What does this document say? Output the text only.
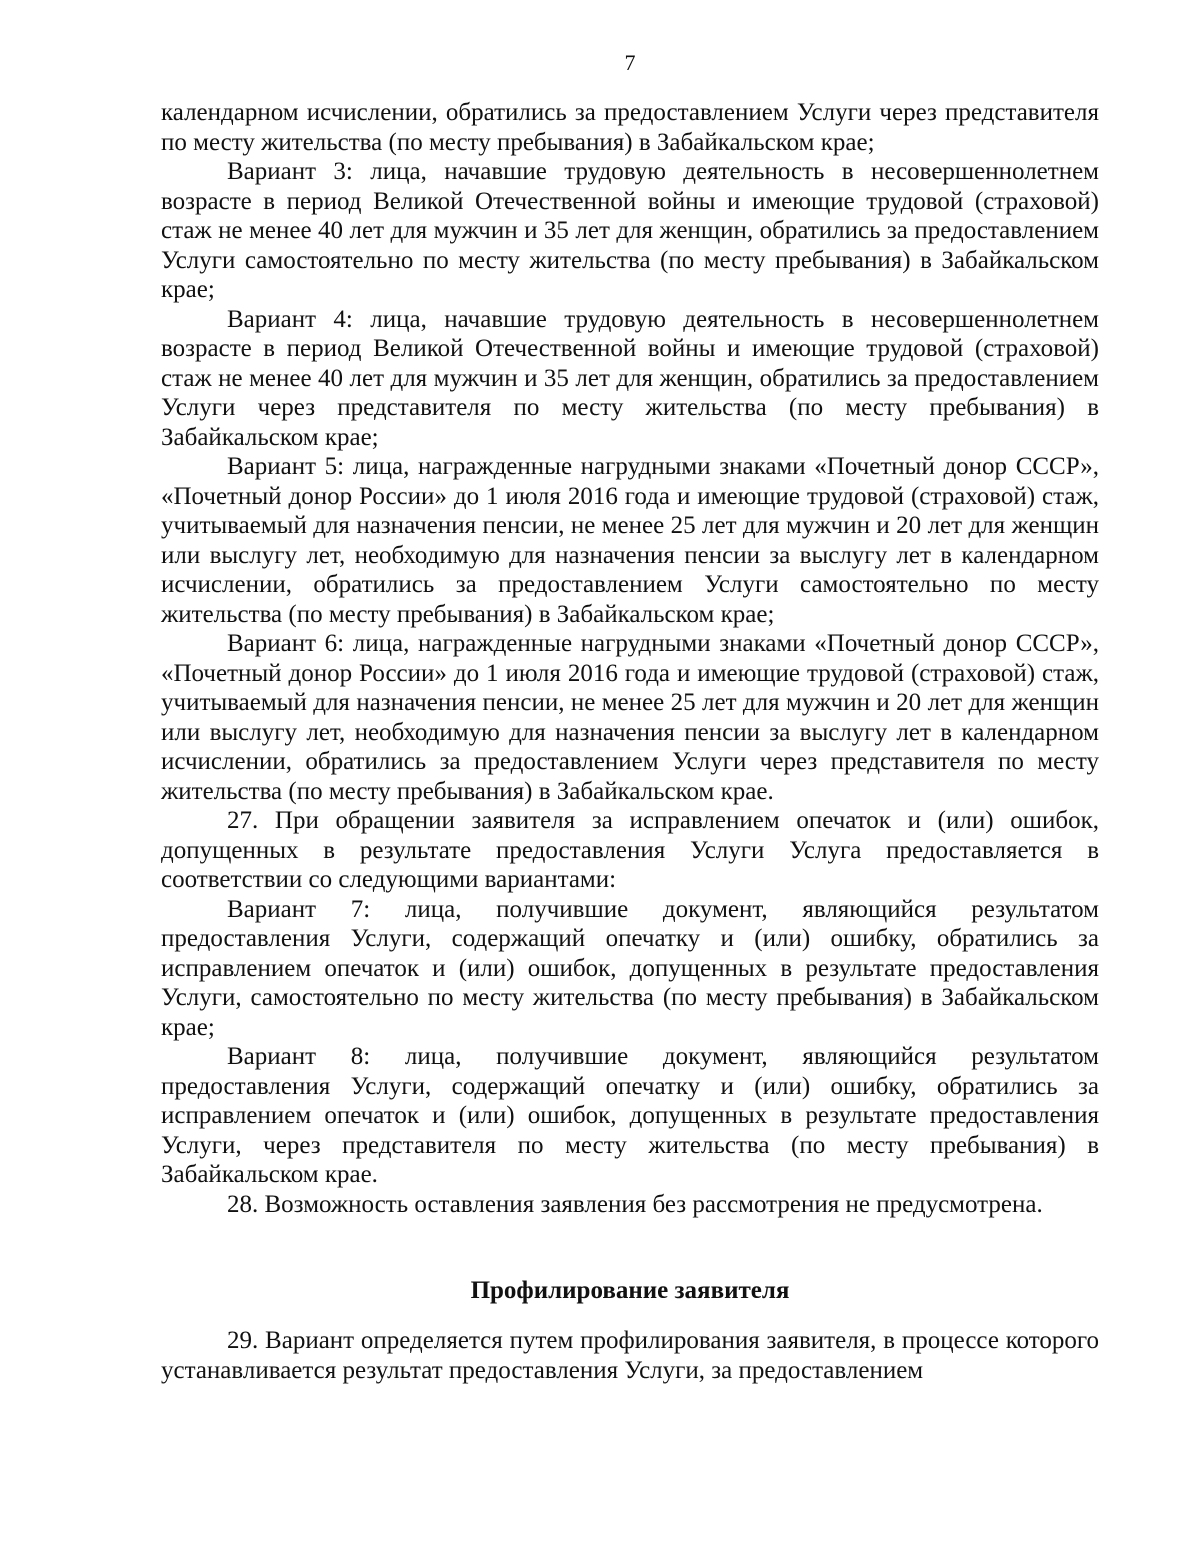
7

календарном исчислении, обратились за предоставлением Услуги через представителя по месту жительства (по месту пребывания) в Забайкальском крае;

Вариант 3: лица, начавшие трудовую деятельность в несовершеннолетнем возрасте в период Великой Отечественной войны и имеющие трудовой (страховой) стаж не менее 40 лет для мужчин и 35 лет для женщин, обратились за предоставлением Услуги самостоятельно по месту жительства (по месту пребывания) в Забайкальском крае;

Вариант 4: лица, начавшие трудовую деятельность в несовершеннолетнем возрасте в период Великой Отечественной войны и имеющие трудовой (страховой) стаж не менее 40 лет для мужчин и 35 лет для женщин, обратились за предоставлением Услуги через представителя по месту жительства (по месту пребывания) в Забайкальском крае;

Вариант 5: лица, награжденные нагрудными знаками «Почетный донор СССР», «Почетный донор России» до 1 июля 2016 года и имеющие трудовой (страховой) стаж, учитываемый для назначения пенсии, не менее 25 лет для мужчин и 20 лет для женщин или выслугу лет, необходимую для назначения пенсии за выслугу лет в календарном исчислении, обратились за предоставлением Услуги самостоятельно по месту жительства (по месту пребывания) в Забайкальском крае;

Вариант 6: лица, награжденные нагрудными знаками «Почетный донор СССР», «Почетный донор России» до 1 июля 2016 года и имеющие трудовой (страховой) стаж, учитываемый для назначения пенсии, не менее 25 лет для мужчин и 20 лет для женщин или выслугу лет, необходимую для назначения пенсии за выслугу лет в календарном исчислении, обратились за предоставлением Услуги через представителя по месту жительства (по месту пребывания) в Забайкальском крае.

27. При обращении заявителя за исправлением опечаток и (или) ошибок, допущенных в результате предоставления Услуги Услуга предоставляется в соответствии со следующими вариантами:

Вариант 7: лица, получившие документ, являющийся результатом предоставления Услуги, содержащий опечатку и (или) ошибку, обратились за исправлением опечаток и (или) ошибок, допущенных в результате предоставления Услуги, самостоятельно по месту жительства (по месту пребывания) в Забайкальском крае;

Вариант 8: лица, получившие документ, являющийся результатом предоставления Услуги, содержащий опечатку и (или) ошибку, обратились за исправлением опечаток и (или) ошибок, допущенных в результате предоставления Услуги, через представителя по месту жительства (по месту пребывания) в Забайкальском крае.

28. Возможность оставления заявления без рассмотрения не предусмотрена.

Профилирование заявителя

29. Вариант определяется путем профилирования заявителя, в процессе которого устанавливается результат предоставления Услуги, за предоставлением
